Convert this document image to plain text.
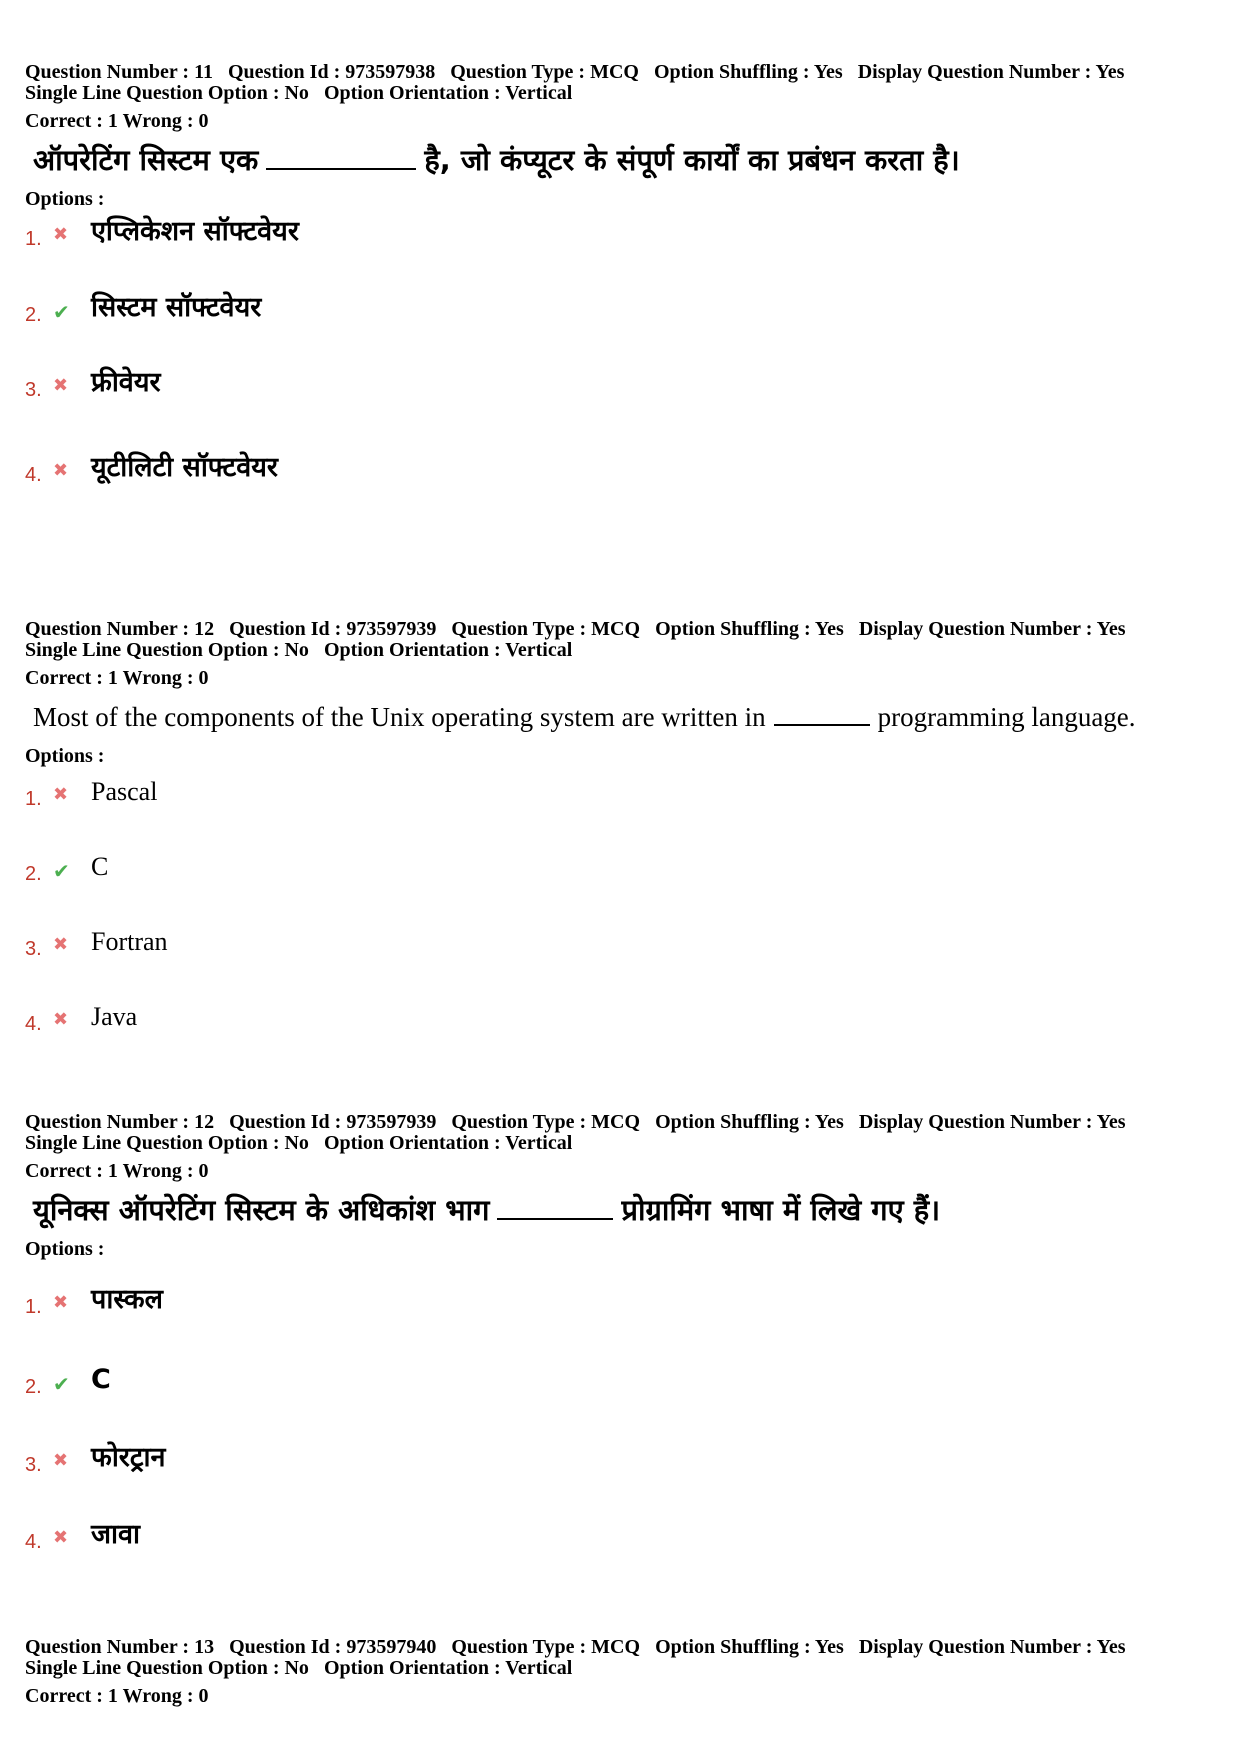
Question Number : 11 Question Id : 973597938 Question Type : MCQ Option Shuffling : Yes Display Question Number : Yes
Single Line Question Option : No Option Orientation : Vertical
Correct : 1 Wrong : 0
ऑपरेटिंग सिस्टम एक	है, जो कंप्यूटर के संपूर्ण कार्यों का प्रबंधन करता है।
Options :
1. ✖ एप्लिकेशन सॉफ्टवेयर
2. ✔ सिस्टम सॉफ्टवेयर
3. ✖ फ्रीवेयर
4. ✖ यूटीलिटी सॉफ्टवेयर
Question Number : 12 Question Id : 973597939 Question Type : MCQ Option Shuffling : Yes Display Question Number : Yes
Single Line Question Option : No Option Orientation : Vertical
Correct : 1 Wrong : 0
Most of the components of the Unix operating system are written in	programming language.
Options :
1. ✖ Pascal
2. ✔ C
3. ✖ Fortran
4. ✖ Java
Question Number : 12 Question Id : 973597939 Question Type : MCQ Option Shuffling : Yes Display Question Number : Yes
Single Line Question Option : No Option Orientation : Vertical
Correct : 1 Wrong : 0
यूनिक्स ऑपरेटिंग सिस्टम के अधिकांश भाग	प्रोग्रामिंग भाषा में लिखे गए हैं।
Options :
1. ✖ पास्कल
2. ✔ C
3. ✖ फोरट्रान
4. ✖ जावा
Question Number : 13 Question Id : 973597940 Question Type : MCQ Option Shuffling : Yes Display Question Number : Yes
Single Line Question Option : No Option Orientation : Vertical
Correct : 1 Wrong : 0
